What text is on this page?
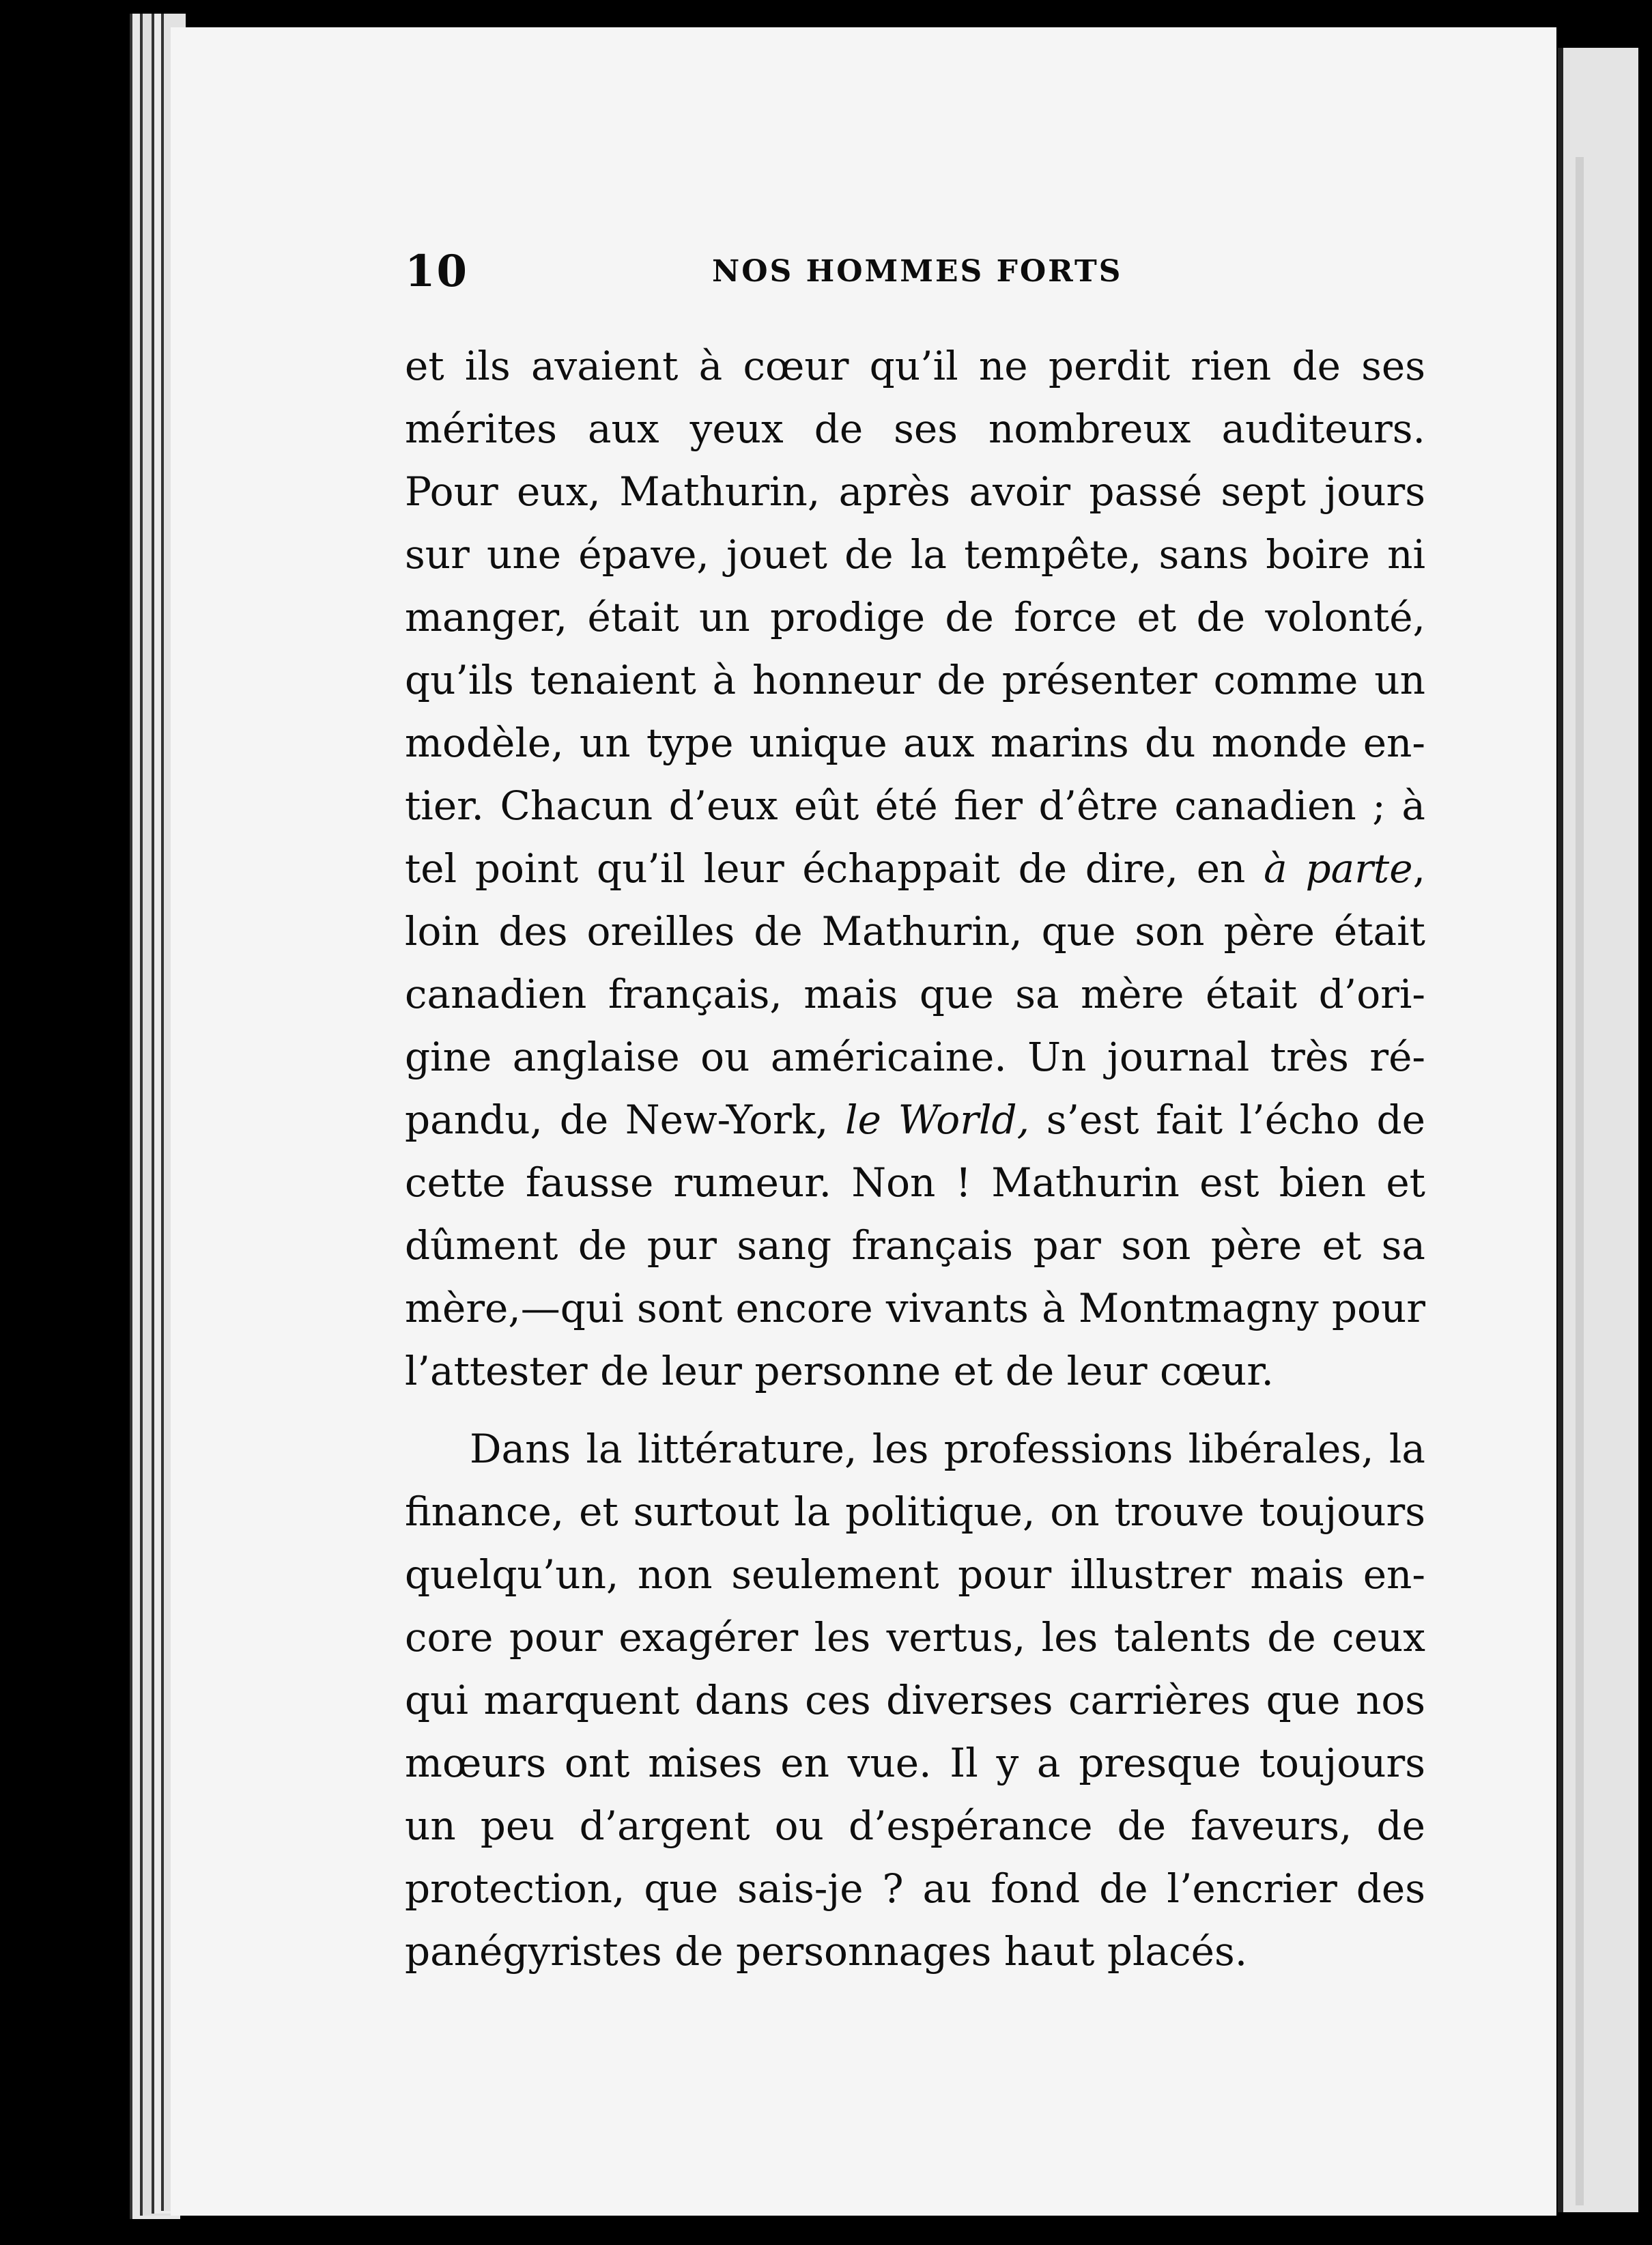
10	NOS HOMMES FORTS
et ils avaient à cœur qu’il ne perdit rien de ses
mérites aux yeux de ses nombreux auditeurs.
Pour eux, Mathurin, après avoir passé sept jours
sur une épave, jouet de la tempête, sans boire ni
manger, était un prodige de force et de volonté,
qu’ils tenaient à honneur de présenter comme un
modèle, un type unique aux marins du monde en-
tier. Chacun d’eux eût été fier d’être canadien ; à
tel point qu’il leur échappait de dire, en à parte,
loin des oreilles de Mathurin, que son père était
canadien français, mais que sa mère était d’ori-
gine anglaise ou américaine. Un journal très ré-
pandu, de New-York, le World, s’est fait l’écho de
cette fausse rumeur. Non ! Mathurin est bien et
dûment de pur sang français par son père et sa
mère,—qui sont encore vivants à Montmagny pour
l’attester de leur personne et de leur cœur.
Dans la littérature, les professions libérales, la
finance, et surtout la politique, on trouve toujours
quelqu’un, non seulement pour illustrer mais en-
core pour exagérer les vertus, les talents de ceux
qui marquent dans ces diverses carrières que nos
mœurs ont mises en vue. Il y a presque toujours
un peu d’argent ou d’espérance de faveurs, de
protection, que sais-je ? au fond de l’encrier des
panégyristes de personnages haut placés.
